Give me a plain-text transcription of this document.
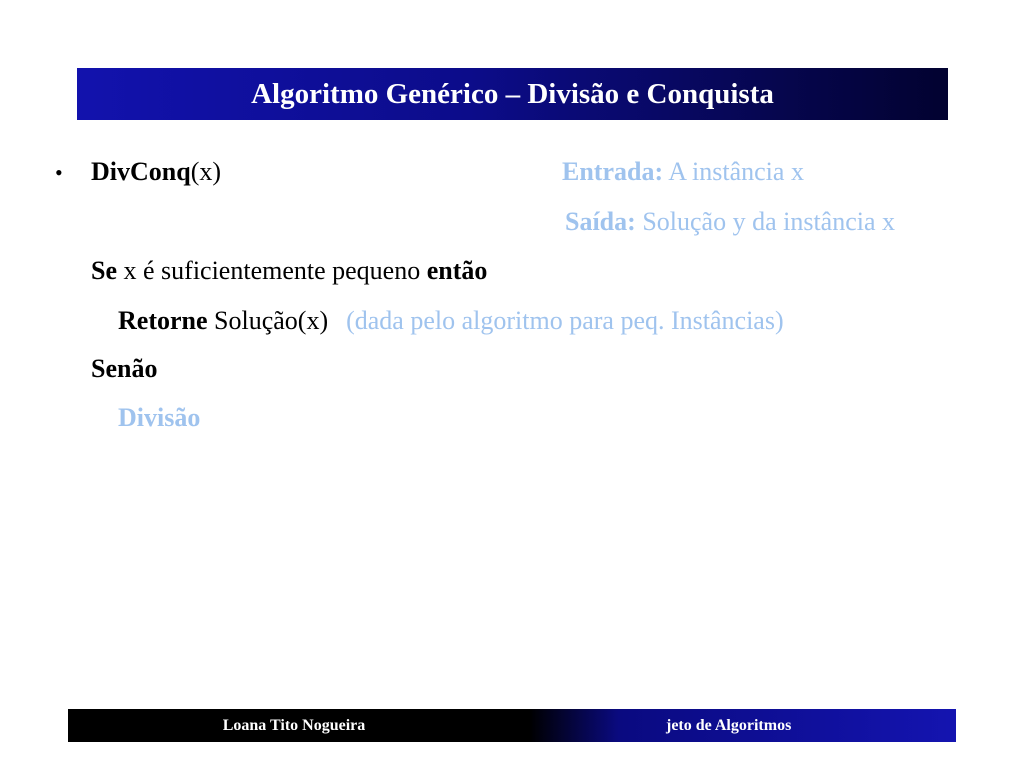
Algoritmo Genérico – Divisão e Conquista
• DivConq(x)	Entrada: A instância x
Saída: Solução y da instância x
Se x é suficientemente pequeno então
Retorne Solução(x) (dada pelo algoritmo para peq. Instâncias)
Senão
Divisão
Loana Tito Nogueira	jeto de Algoritmos
